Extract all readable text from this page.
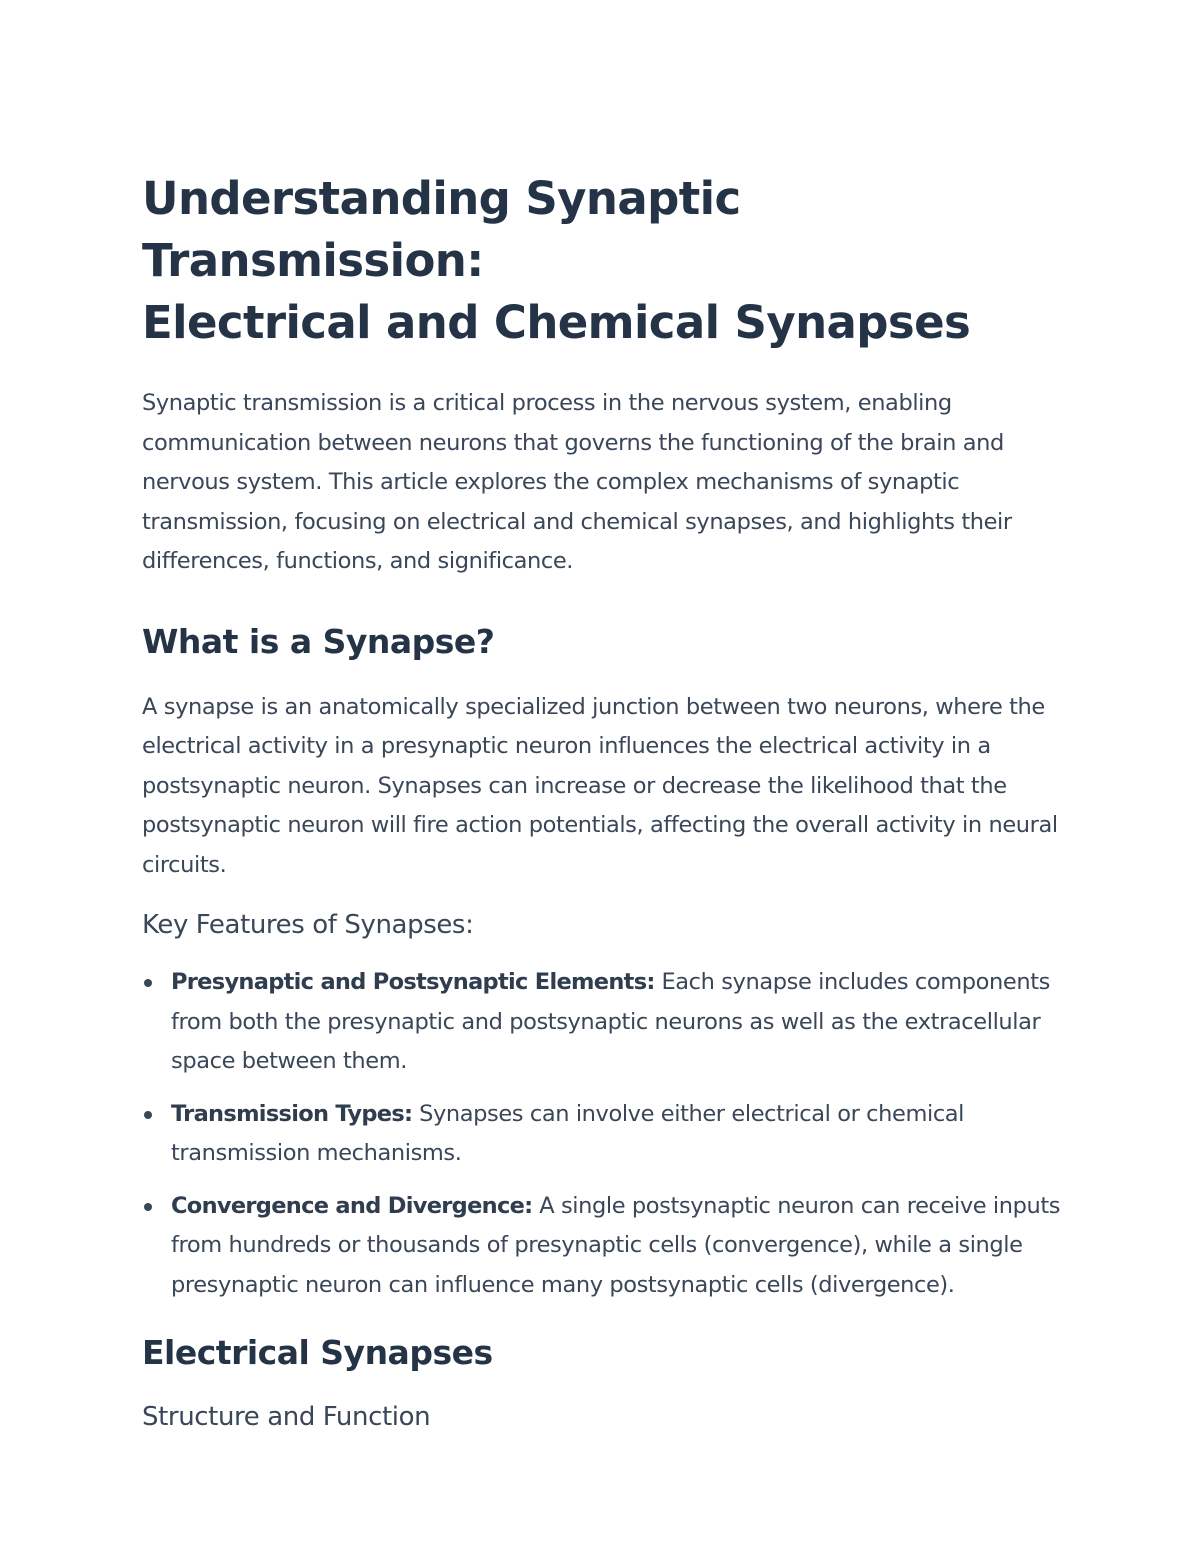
Understanding Synaptic Transmission:
Electrical and Chemical Synapses

Synaptic transmission is a critical process in the nervous system, enabling communication between neurons that governs the functioning of the brain and nervous system. This article explores the complex mechanisms of synaptic transmission, focusing on electrical and chemical synapses, and highlights their differences, functions, and significance.

What is a Synapse?

A synapse is an anatomically specialized junction between two neurons, where the electrical activity in a presynaptic neuron influences the electrical activity in a postsynaptic neuron. Synapses can increase or decrease the likelihood that the postsynaptic neuron will fire action potentials, affecting the overall activity in neural circuits.

Key Features of Synapses:
Presynaptic and Postsynaptic Elements: Each synapse includes components from both the presynaptic and postsynaptic neurons as well as the extracellular space between them.
Transmission Types: Synapses can involve either electrical or chemical transmission mechanisms.
Convergence and Divergence: A single postsynaptic neuron can receive inputs from hundreds or thousands of presynaptic cells (convergence), while a single presynaptic neuron can influence many postsynaptic cells (divergence).
Electrical Synapses
Structure and Function
